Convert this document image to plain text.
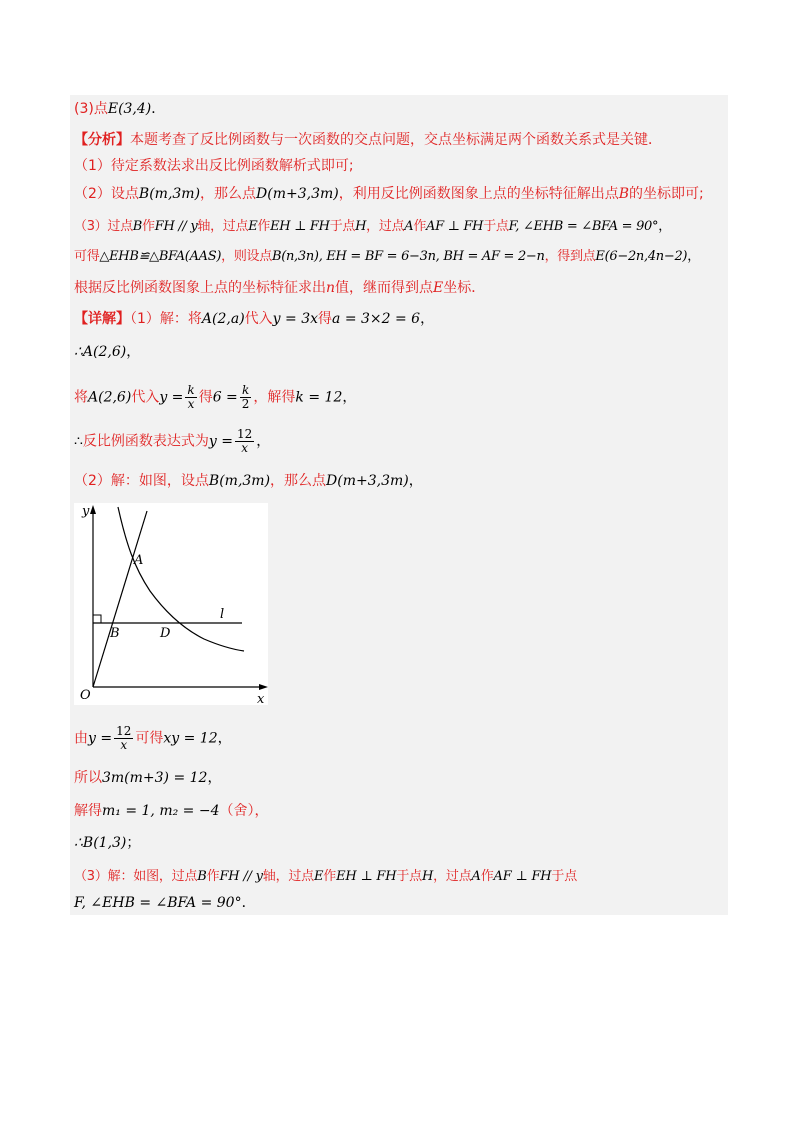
(3)点E(3,4)．
【分析】本题考查了反比例函数与一次函数的交点问题，交点坐标满足两个函数关系式是关键．
（1）待定系数法求出反比例函数解析式即可;
（2）设点B(m,3m)，那么点D(m+3,3m)，利用反比例函数图象上点的坐标特征解出点B的坐标即可;
（3）过点B作FH // y轴，过点E作EH ⊥ FH于点H，过点A作AF ⊥ FH于点F, ∠EHB = ∠BFA = 90°，
可得△EHB≌△BFA(AAS)，则设点B(n,3n), EH = BF = 6−3n, BH = AF = 2−n，得到点E(6−2n,4n−2)，
根据反比例函数图象上点的坐标特征求出n值，继而得到点E坐标．
【详解】（1）解：将A(2,a)代入y = 3x得a = 3×2 = 6，
∴A(2,6)，
将A(2,6)代入$y = \frac{k}{x}$ 得$6 = \frac{k}{2}$ ，解得k = 12，
∴反比例函数表达式为$y = \frac{12}{x}$ ，
（2）解：如图，设点B(m,3m)，那么点D(m+3,3m)，
y
x
O
A
B	D
l
由$y = \frac{12}{x}$ 可得xy = 12，
所以3m(m+3) = 12，
解得m₁ = 1, m₂ = −4（舍），
∴B(1,3)；
（3）解：如图，过点B作FH // y轴，过点E作EH ⊥ FH于点H，过点A作AF ⊥ FH于点
F, ∠EHB = ∠BFA = 90°．
